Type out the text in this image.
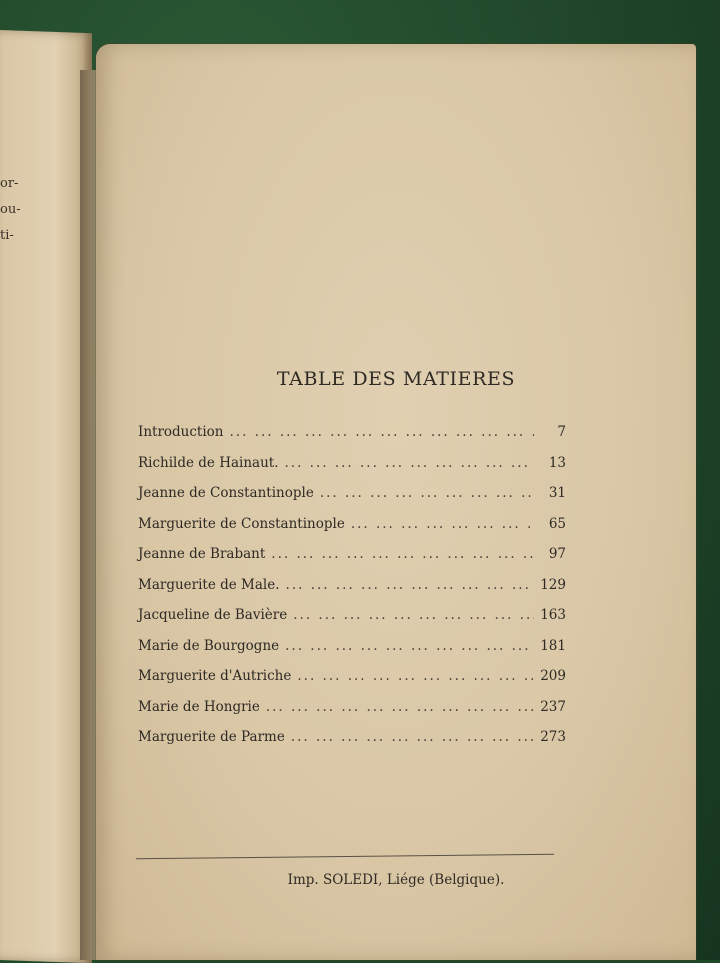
or-
ou-
ti-
TABLE DES MATIERES
Introduction ... .	7
Richilde de Hainaut. ... .	13
Jeanne de Constantinople ... .	31
Marguerite de Constantinople ... .	65
Jeanne de Brabant ... .	97
Marguerite de Male. ... .	129
Jacqueline de Bavière ... .	163
Marie de Bourgogne ... .	181
Marguerite d'Autriche ... .	209
Marie de Hongrie ... .	237
Marguerite de Parme ... .	273
Imp. SOLEDI, Liége (Belgique).
